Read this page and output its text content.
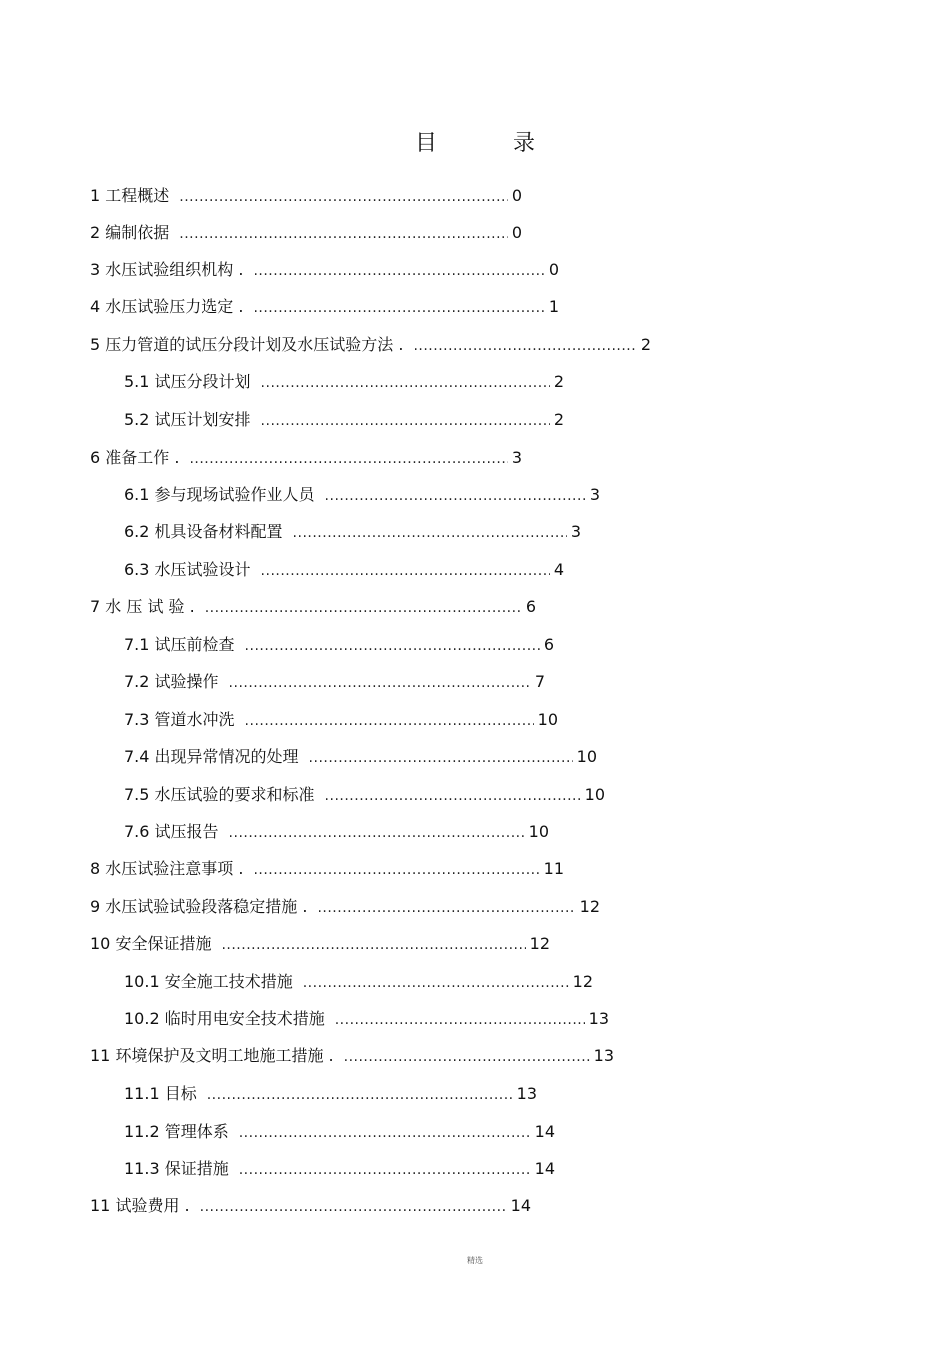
目	录
1 工程概述 .....	0
2 编制依据 .....	0
3 水压试验组织机构 . .....	0
4 水压试验压力选定 . .....	1
5 压力管道的试压分段计划及水压试验方法 . .....	2
5.1 试压分段计划 .....	2
5.2 试压计划安排 .....	2
6 准备工作 . .....	3
6.1 参与现场试验作业人员 .....	3
6.2 机具设备材料配置 .....	3
6.3 水压试验设计 .....	4
7 水 压 试 验 . .....	6
7.1 试压前检查 .....	6
7.2 试验操作 .....	7
7.3 管道水冲洗 .....	10
7.4 出现异常情况的处理 .....	10
7.5 水压试验的要求和标准 .....	10
7.6 试压报告 .....	10
8 水压试验注意事项 . .....	11
9 水压试验试验段落稳定措施 . .....	12
10 安全保证措施 .....	12
10.1 安全施工技术措施 .....	12
10.2 临时用电安全技术措施 .....	13
11 环境保护及文明工地施工措施 . .....	13
11.1 目标 .....	13
11.2 管理体系 .....	14
11.3 保证措施 .....	14
11 试验费用 . .....	14
精选
